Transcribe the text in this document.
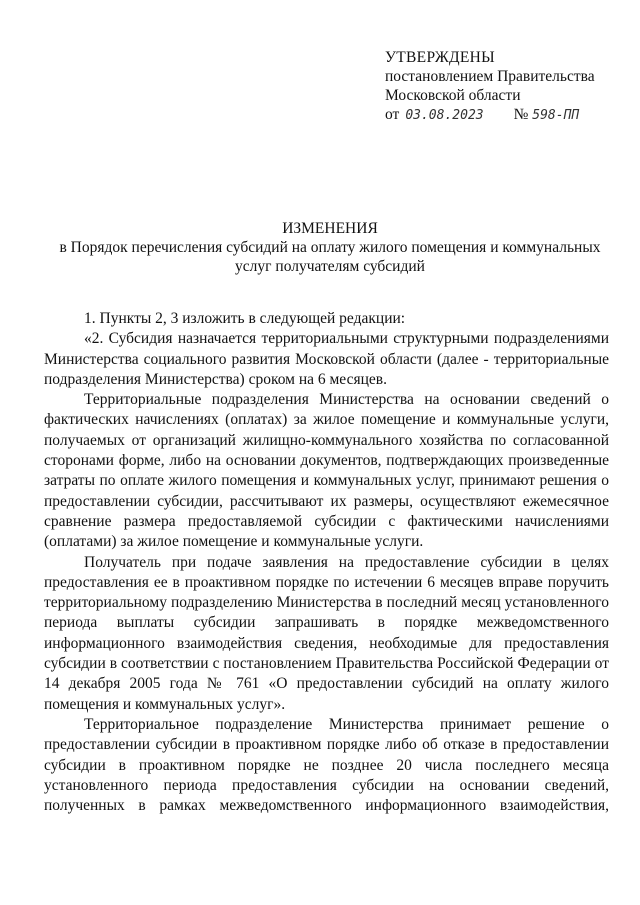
УТВЕРЖДЕНЫ
постановлением Правительства
Московской области
от 03.08.2023 № 598-ПП
ИЗМЕНЕНИЯ
в Порядок перечисления субсидий на оплату жилого помещения и коммунальных услуг получателям субсидий

1. Пункты 2, 3 изложить в следующей редакции:

«2. Субсидия назначается территориальными структурными подразделениями Министерства социального развития Московской области (далее - территориальные подразделения Министерства) сроком на 6 месяцев.

Территориальные подразделения Министерства на основании сведений о фактических начислениях (оплатах) за жилое помещение и коммунальные услуги, получаемых от организаций жилищно-коммунального хозяйства по согласованной сторонами форме, либо на основании документов, подтверждающих произведенные затраты по оплате жилого помещения и коммунальных услуг, принимают решения о предоставлении субсидии, рассчитывают их размеры, осуществляют ежемесячное сравнение размера предоставляемой субсидии с фактическими начислениями (оплатами) за жилое помещение и коммунальные услуги.

Получатель при подаче заявления на предоставление субсидии в целях предоставления ее в проактивном порядке по истечении 6 месяцев вправе поручить территориальному подразделению Министерства в последний месяц установленного периода выплаты субсидии запрашивать в порядке межведомственного информационного взаимодействия сведения, необходимые для предоставления субсидии в соответствии с постановлением Правительства Российской Федерации от 14 декабря 2005 года № 761 «О предоставлении субсидий на оплату жилого помещения и коммунальных услуг».

Территориальное подразделение Министерства принимает решение о предоставлении субсидии в проактивном порядке либо об отказе в предоставлении субсидии в проактивном порядке не позднее 20 числа последнего месяца установленного периода предоставления субсидии на основании сведений, полученных в рамках межведомственного информационного взаимодействия,
